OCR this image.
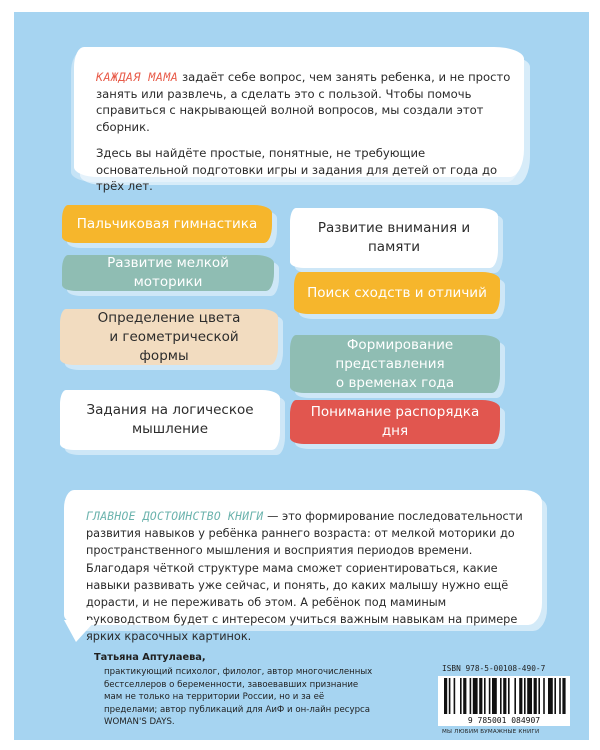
КАЖДАЯ МАМА задаёт себе вопрос, чем занять ребенка, и не просто занять или развлечь, а сделать это с пользой. Чтобы помочь справиться с накрывающей волной вопросов, мы создали этот сборник.

Здесь вы найдёте простые, понятные, не требующие основательной подготовки игры и задания для детей от года до трёх лет.

Пальчиковая гимнастика	Развитие внимания и памяти
Развитие мелкой моторики
Поиск сходств и отличий
Определение цвета
и геометрической формы
Формирование представления
о временах года
Задания на логическое
мышление
Понимание распорядка дня
ГЛАВНОЕ ДОСТОИНСТВО КНИГИ — это формирование последовательности развития навыков у ребёнка раннего возраста: от мелкой моторики до пространственного мышления и восприятия периодов времени. Благодаря чёткой структуре мама сможет сориентироваться, какие навыки развивать уже сейчас, и понять, до каких малышу нужно ещё дорасти, и не переживать об этом. А ребёнок под маминым руководством будет с интересом учиться важным навыкам на примере ярких красочных картинок.
Татьяна Аптулаева,
практикующий психолог, филолог, автор многочисленных бестселлеров о беременности, завоевавших признание мам не только на территории России, но и за её пределами; автор публикаций для АиФ и он-лайн ресурса WOMAN'S DAYS.
ISBN 978-5-00108-490-7
9 785001 084907
МЫ ЛЮБИМ БУМАЖНЫЕ КНИГИ
